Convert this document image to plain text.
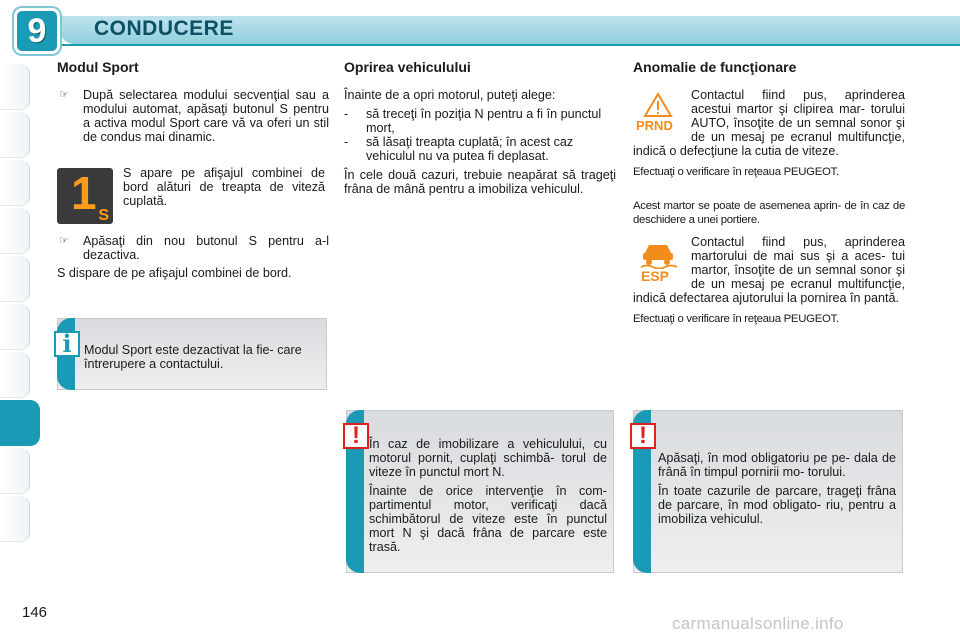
9 CONDUCERE
Modul Sport
☞	După selectarea modului secvenţial sau a modului automat, apăsaţi butonul S pentru a activa modul Sport care vă va oferi un stil de condus mai dinamic.
1 S

S apare pe afişajul combinei de bord alături de treapta de viteză cuplată.

☞	Apăsaţi din nou butonul S pentru a-l dezactiva.

S dispare de pe afişajul combinei de bord.

i Modul Sport este dezactivat la fie- care întrerupere a contactului.
Oprirea vehiculului

Înainte de a opri motorul, puteţi alege:

-	să treceţi în poziţia N pentru a fi în punctul mort,
-	să lăsaţi treapta cuplată; în acest caz vehiculul nu va putea fi deplasat.

În cele două cazuri, trebuie neapărat să trageţi frâna de mână pentru a imobiliza vehiculul.

Anomalie de funcţionare
PRND

Contactul fiind pus, aprinderea acestui martor şi clipirea mar- torului AUTO, însoţite de un semnal sonor şi de un mesaj pe ecranul multifuncţie, indică o defecţiune la cutia de viteze.

Efectuaţi o verificare în reţeaua PEUGEOT.

Acest martor se poate de asemenea aprin- de în caz de deschidere a unei portiere.

ESP

Contactul fiind pus, aprinderea martorului de mai sus şi a aces- tui martor, însoţite de un semnal sonor şi de un mesaj pe ecranul multifuncţie, indică defectarea ajutorului la pornirea în pantă.

Efectuaţi o verificare în reţeaua PEUGEOT.

! În caz de imobilizare a vehiculului, cu motorul pornit, cuplaţi schimbă- torul de viteze în punctul mort N.

Înainte de orice intervenţie în com- partimentul motor, verificaţi dacă schimbătorul de viteze este în punctul mort N şi dacă frâna de parcare este trasă.

!

Apăsaţi, în mod obligatoriu pe pe- dala de frână în timpul pornirii mo- torului.

În toate cazurile de parcare, trageţi frâna de parcare, în mod obligato- riu, pentru a imobiliza vehiculul.

146
carmanualsonline.info
